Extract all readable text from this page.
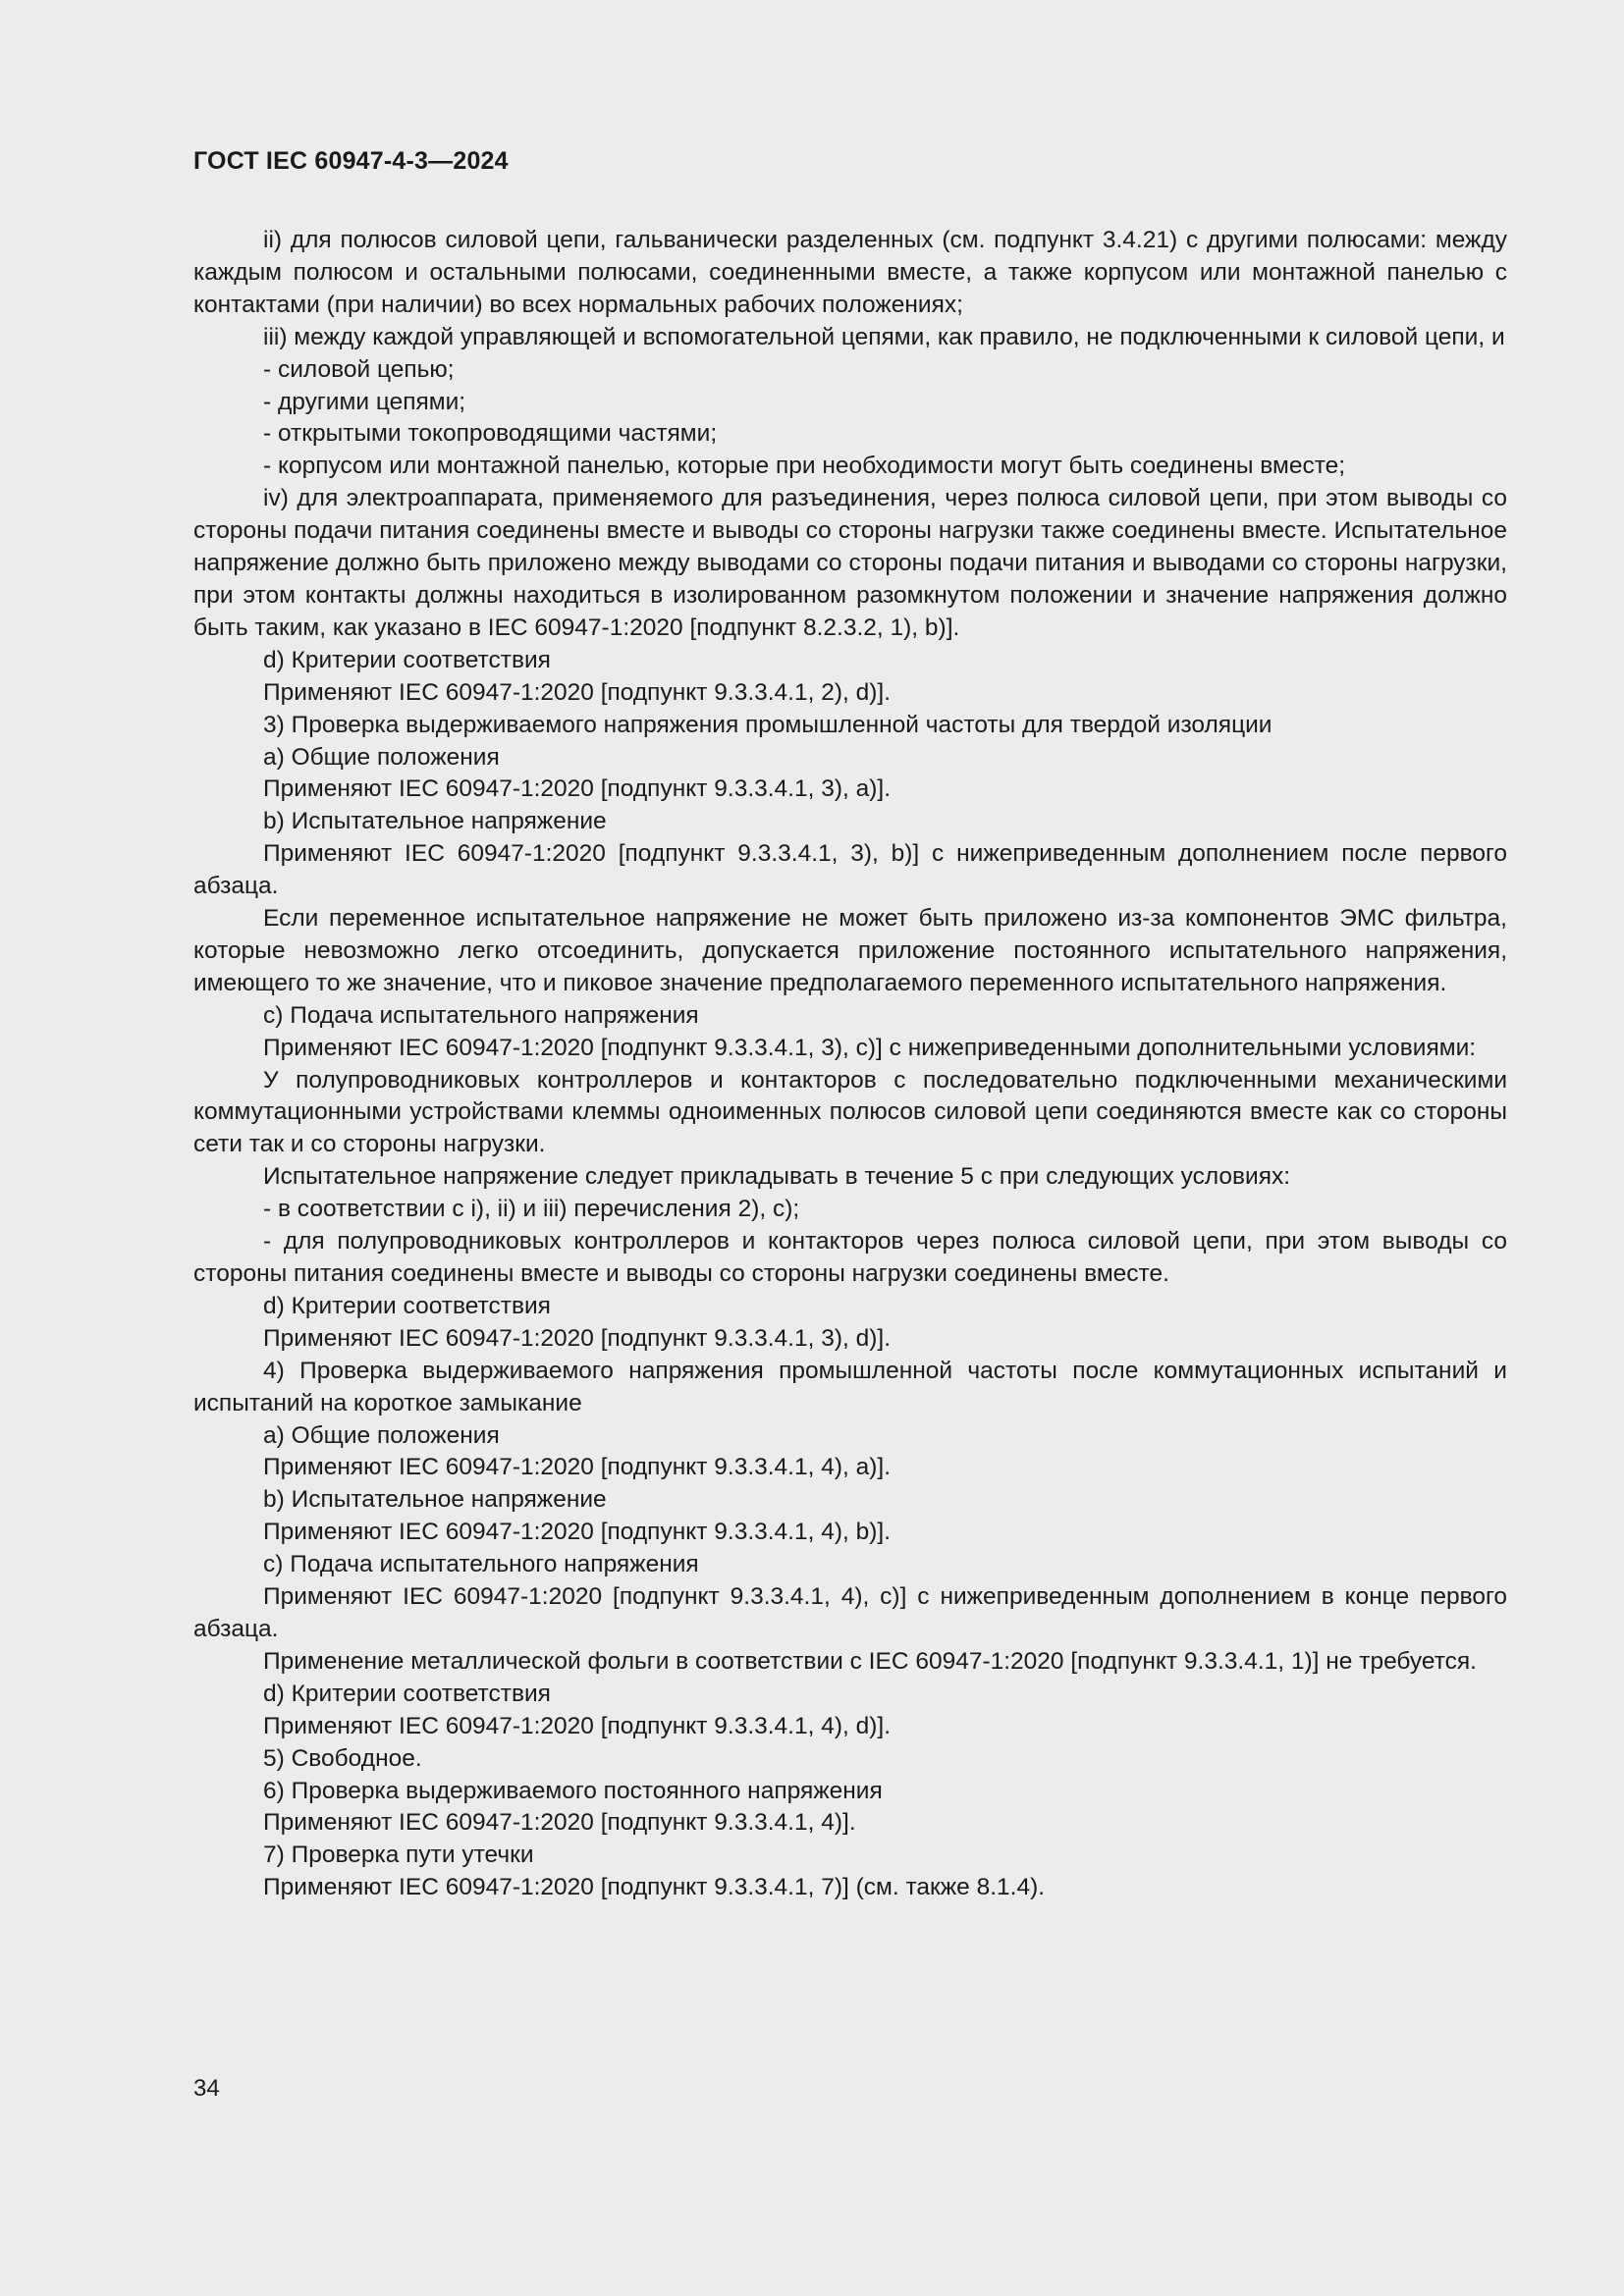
ГОСТ IEC 60947-4-3—2024

ii) для полюсов силовой цепи, гальванически разделенных (см. подпункт 3.4.21) с другими полюсами: между каждым полюсом и остальными полюсами, соединенными вместе, а также корпусом или монтажной панелью с контактами (при наличии) во всех нормальных рабочих положениях;

iii) между каждой управляющей и вспомогательной цепями, как правило, не подключенными к силовой цепи, и

- силовой цепью;

- другими цепями;

- открытыми токопроводящими частями;

- корпусом или монтажной панелью, которые при необходимости могут быть соединены вместе;

iv) для электроаппарата, применяемого для разъединения, через полюса силовой цепи, при этом выводы со стороны подачи питания соединены вместе и выводы со стороны нагрузки также соединены вместе. Испытательное напряжение должно быть приложено между выводами со стороны подачи питания и выводами со стороны нагрузки, при этом контакты должны находиться в изолированном разомкнутом положении и значение напряжения должно быть таким, как указано в IEC 60947-1:2020 [подпункт 8.2.3.2, 1), b)].

d) Критерии соответствия

Применяют IEC 60947-1:2020 [подпункт 9.3.3.4.1, 2), d)].

3) Проверка выдерживаемого напряжения промышленной частоты для твердой изоляции

a) Общие положения

Применяют IEC 60947-1:2020 [подпункт 9.3.3.4.1, 3), a)].

b) Испытательное напряжение

Применяют IEC 60947-1:2020 [подпункт 9.3.3.4.1, 3), b)] с нижеприведенным дополнением после первого абзаца.

Если переменное испытательное напряжение не может быть приложено из-за компонентов ЭМС фильтра, которые невозможно легко отсоединить, допускается приложение постоянного испытательного напряжения, имеющего то же значение, что и пиковое значение предполагаемого переменного испытательного напряжения.

c) Подача испытательного напряжения

Применяют IEC 60947-1:2020 [подпункт 9.3.3.4.1, 3), c)] с нижеприведенными дополнительными условиями:

У полупроводниковых контроллеров и контакторов с последовательно подключенными механическими коммутационными устройствами клеммы одноименных полюсов силовой цепи соединяются вместе как со стороны сети так и со стороны нагрузки.

Испытательное напряжение следует прикладывать в течение 5 с при следующих условиях:

- в соответствии с i), ii) и iii) перечисления 2), c);

- для полупроводниковых контроллеров и контакторов через полюса силовой цепи, при этом выводы со стороны питания соединены вместе и выводы со стороны нагрузки соединены вместе.

d) Критерии соответствия

Применяют IEC 60947-1:2020 [подпункт 9.3.3.4.1, 3), d)].

4) Проверка выдерживаемого напряжения промышленной частоты после коммутационных испытаний и испытаний на короткое замыкание

a) Общие положения

Применяют IEC 60947-1:2020 [подпункт 9.3.3.4.1, 4), a)].

b) Испытательное напряжение

Применяют IEC 60947-1:2020 [подпункт 9.3.3.4.1, 4), b)].

c) Подача испытательного напряжения

Применяют IEC 60947-1:2020 [подпункт 9.3.3.4.1, 4), c)] с нижеприведенным дополнением в конце первого абзаца.

Применение металлической фольги в соответствии с IEC 60947-1:2020 [подпункт 9.3.3.4.1, 1)] не требуется.

d) Критерии соответствия

Применяют IEC 60947-1:2020 [подпункт 9.3.3.4.1, 4), d)].

5) Свободное.

6) Проверка выдерживаемого постоянного напряжения

Применяют IEC 60947-1:2020 [подпункт 9.3.3.4.1, 4)].

7) Проверка пути утечки

Применяют IEC 60947-1:2020 [подпункт 9.3.3.4.1, 7)] (см. также 8.1.4).

34
